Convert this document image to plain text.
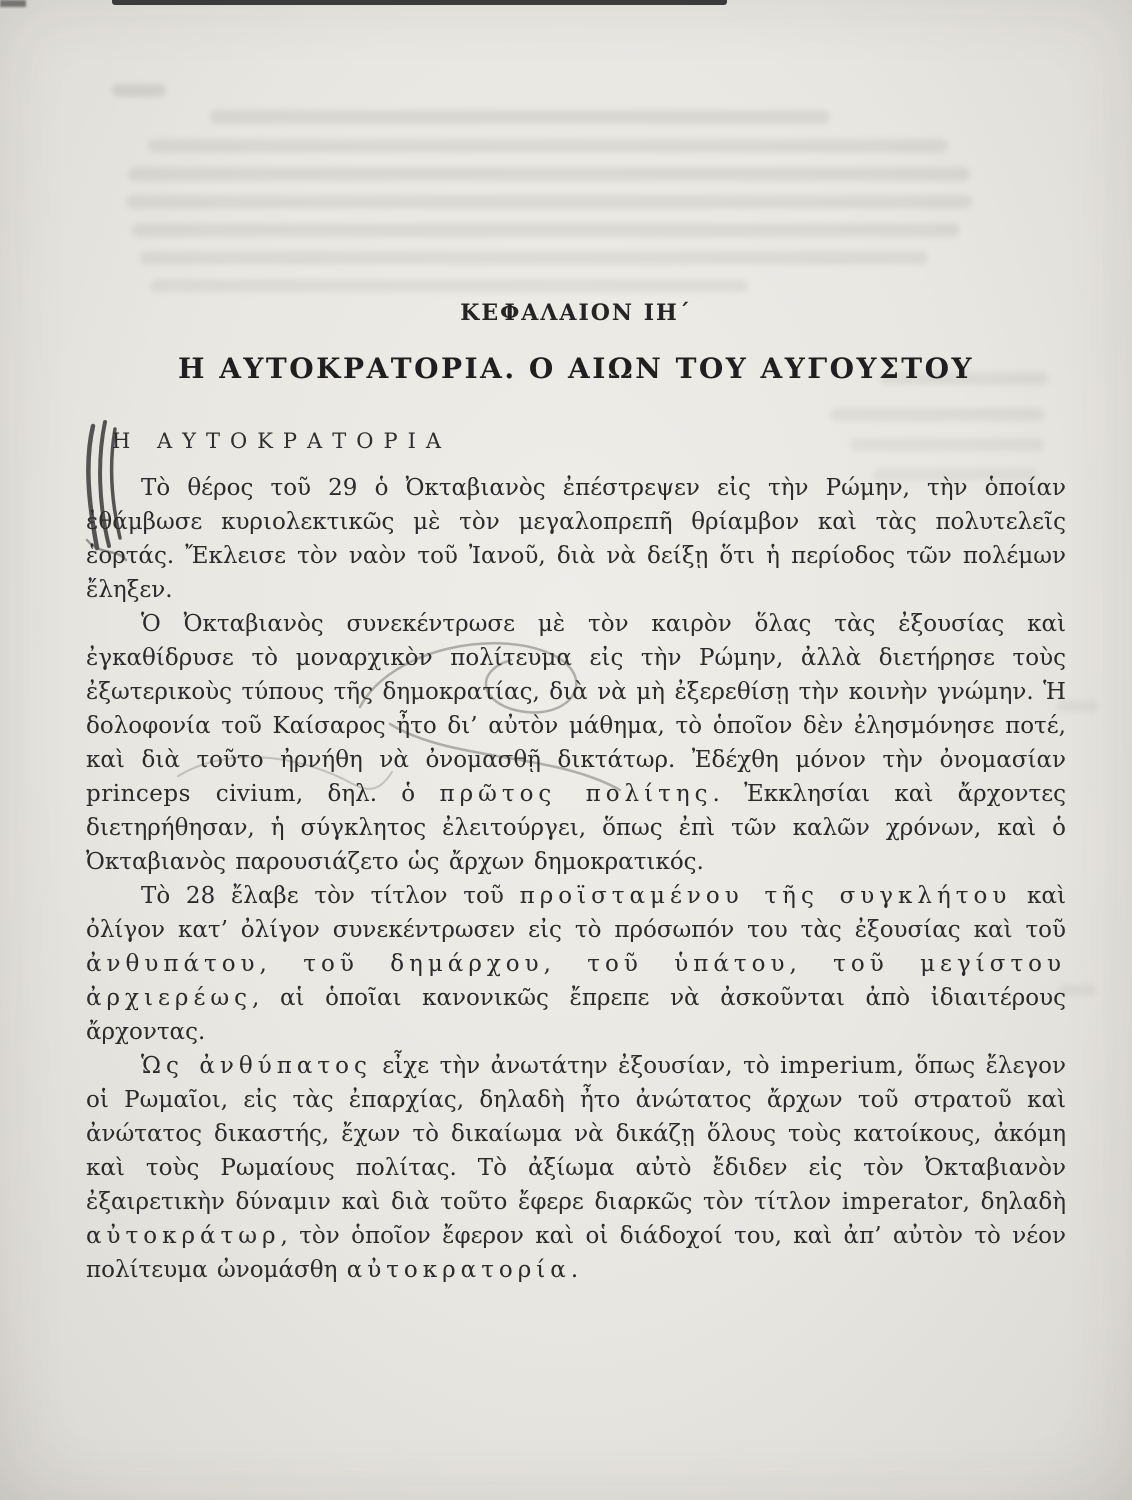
ΚΕΦΑΛΑΙΟΝ ΙΗ΄
Η ΑΥΤΟΚΡΑΤΟΡΙΑ. Ο ΑΙΩΝ ΤΟΥ ΑΥΓΟΥΣΤΟΥ
Η ΑΥΤΟΚΡΑΤΟΡΙΑ

Τὸ θέρος τοῦ 29 ὁ Ὀκταβιανὸς ἐπέστρεψεν εἰς τὴν Ρώμην, τὴν ὁποίαν ἐθάμβωσε κυριολεκτικῶς μὲ τὸν μεγαλοπρεπῆ θρίαμβον καὶ τὰς πολυτελεῖς ἑορτάς. Ἔκλεισε τὸν ναὸν τοῦ Ἰανοῦ, διὰ νὰ δείξῃ ὅτι ἡ περίοδος τῶν πολέμων ἔληξεν.

Ὁ Ὀκταβιανὸς συνεκέντρωσε μὲ τὸν καιρὸν ὅλας τὰς ἐξουσίας καὶ ἐγκαθίδρυσε τὸ μοναρχικὸν πολίτευμα εἰς τὴν Ρώμην, ἀλλὰ διετήρησε τοὺς ἐξωτερικοὺς τύπους τῆς δημοκρατίας, διὰ νὰ μὴ ἐξερεθίσῃ τὴν κοινὴν γνώμην. Ἡ δολοφονία τοῦ Καίσαρος ἦτο δι’ αὐτὸν μάθημα, τὸ ὁποῖον δὲν ἐλησμόνησε ποτέ, καὶ διὰ τοῦτο ἠρνήθη νὰ ὀνομασθῇ δικτάτωρ. Ἐδέχθη μόνον τὴν ὀνομασίαν princeps civium, δηλ. ὁ πρῶτος πολίτης. Ἐκκλησίαι καὶ ἄρχοντες διετηρήθησαν, ἡ σύγκλητος ἐλειτούργει, ὅπως ἐπὶ τῶν καλῶν χρόνων, καὶ ὁ Ὀκταβιανὸς παρουσιάζετο ὡς ἄρχων δημοκρατικός.

Τὸ 28 ἔλαβε τὸν τίτλον τοῦ προϊσταμένου τῆς συγκλήτου καὶ ὀλίγον κατ’ ὀλίγον συνεκέντρωσεν εἰς τὸ πρόσωπόν του τὰς ἐξουσίας καὶ τοῦ ἀνθυπάτου, τοῦ δημάρχου, τοῦ ὑπάτου, τοῦ μεγίστου ἀρχιερέως, αἱ ὁποῖαι κανονικῶς ἔπρεπε νὰ ἀσκοῦνται ἀπὸ ἰδιαιτέρους ἄρχοντας.

Ὡς ἀνθύπατος εἶχε τὴν ἀνωτάτην ἐξουσίαν, τὸ imperium, ὅπως ἔλεγον οἱ Ρωμαῖοι, εἰς τὰς ἐπαρχίας, δηλαδὴ ἦτο ἀνώτατος ἄρχων τοῦ στρατοῦ καὶ ἀνώτατος δικαστής, ἔχων τὸ δικαίωμα νὰ δικάζῃ ὅλους τοὺς κατοίκους, ἀκόμη καὶ τοὺς Ρωμαίους πολίτας. Τὸ ἀξίωμα αὐτὸ ἔδιδεν εἰς τὸν Ὀκταβιανὸν ἐξαιρετικὴν δύναμιν καὶ διὰ τοῦτο ἔφερε διαρκῶς τὸν τίτλον imperator, δηλαδὴ αὐτοκράτωρ, τὸν ὁποῖον ἔφερον καὶ οἱ διάδοχοί του, καὶ ἀπ’ αὐτὸν τὸ νέον πολίτευμα ὠνομάσθη αὐτοκρατορία.
